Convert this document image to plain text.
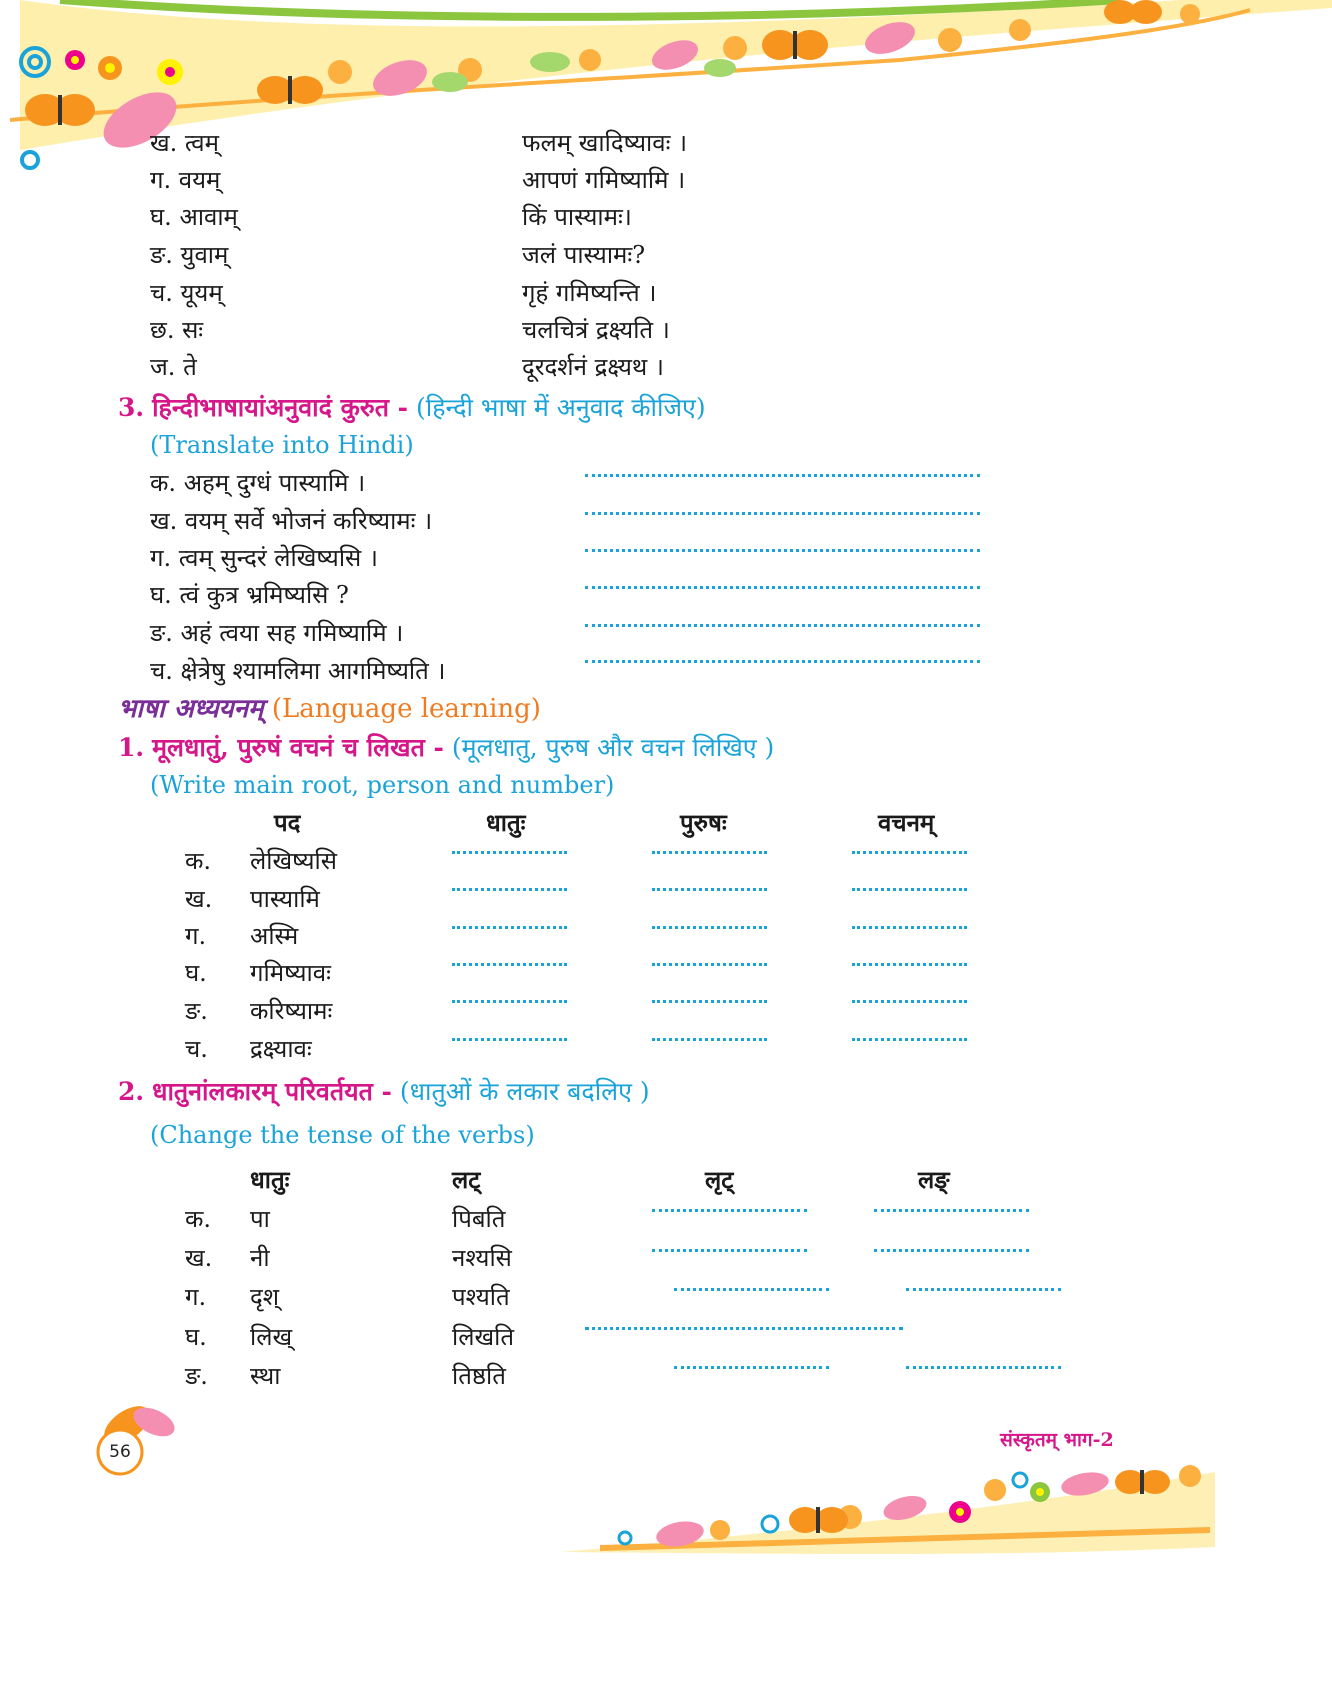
ख. त्वम्	फलम् खादिष्यावः ।
ग. वयम्	आपणं गमिष्यामि ।
घ. आवाम्	किं पास्यामः।
ङ. युवाम्	जलं पास्यामः?
च. यूयम्	गृहं गमिष्यन्ति ।
छ. सः	चलचित्रं द्रक्ष्यति ।
ज. ते	दूरदर्शनं द्रक्ष्यथ ।
3. हिन्दीभाषायांअनुवादं कुरुत - (हिन्दी भाषा में अनुवाद कीजिए)
(Translate into Hindi)
क. अहम् दुग्धं पास्यामि ।
ख. वयम् सर्वे भोजनं करिष्यामः ।
ग. त्वम् सुन्दरं लेखिष्यसि ।
घ. त्वं कुत्र भ्रमिष्यसि ?
ङ. अहं त्वया सह गमिष्यामि ।
च. क्षेत्रेषु श्यामलिमा आगमिष्यति ।
भाषा अध्ययनम् (Language learning)
1. मूलधातुं, पुरुषं वचनं च लिखत - (मूलधातु, पुरुष और वचन लिखिए )
(Write main root, person and number)
पद	धातुः	पुरुषः	वचनम्
क. लेखिष्यसि
ख. पास्यामि
ग. अस्मि
घ. गमिष्यावः
ङ. करिष्यामः
च. द्रक्ष्यावः
2. धातुनांलकारम् परिवर्तयत - (धातुओं के लकार बदलिए )
(Change the tense of the verbs)
धातुः	लट्	लृट्	लङ्
क. पा	पिबति
ख. नी	नश्यसि
ग. दृश्	पश्यति
घ. लिख्	लिखति
ङ. स्था	तिष्ठति
56
संस्कृतम् भाग-2
